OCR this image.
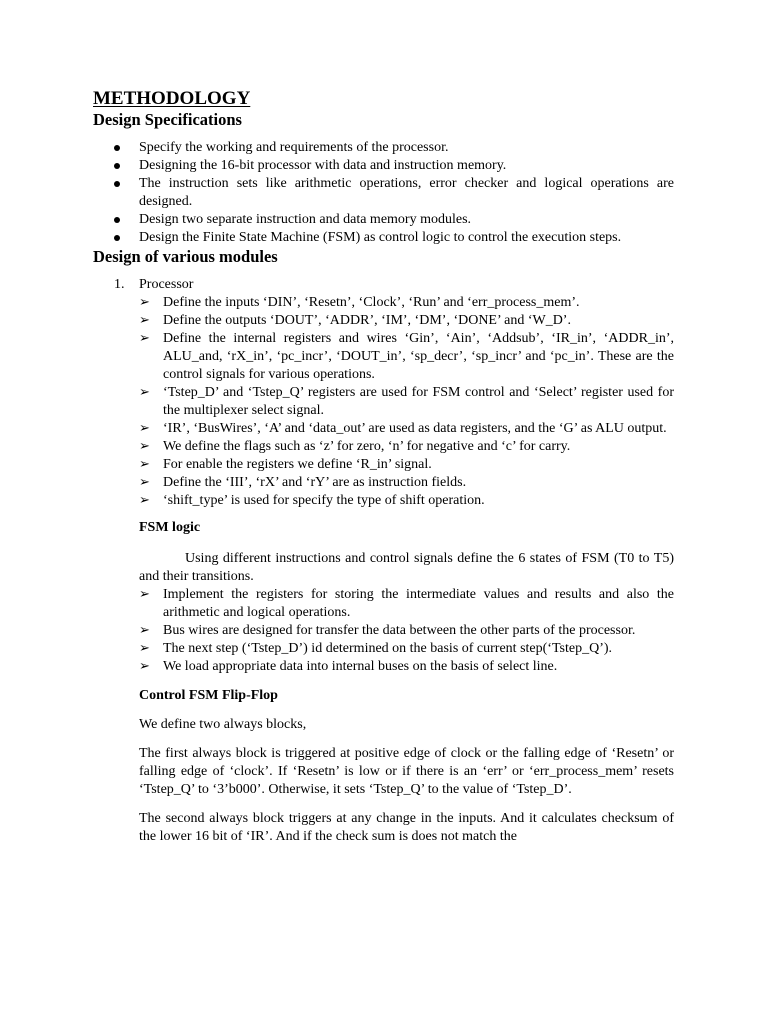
METHODOLOGY
Design Specifications
Specify the working and requirements of the processor.
Designing the 16-bit processor with data and instruction memory.
The instruction sets like arithmetic operations, error checker and logical operations are designed.
Design two separate instruction and data memory modules.
Design the Finite State Machine (FSM) as control logic to control the execution steps.
Design of various modules
1. Processor
➢ Define the inputs ‘DIN’, ‘Resetn’, ‘Clock’, ‘Run’ and ‘err_process_mem’.
➢ Define the outputs ‘DOUT’, ‘ADDR’, ‘IM’, ‘DM’, ‘DONE’ and ‘W_D’.
➢ Define the internal registers and wires ‘Gin’, ‘Ain’, ‘Addsub’, ‘IR_in’, ‘ADDR_in’, ALU_and, ‘rX_in’, ‘pc_incr’, ‘DOUT_in’, ‘sp_decr’, ‘sp_incr’ and ‘pc_in’. These are the control signals for various operations.
➢ ‘Tstep_D’ and ‘Tstep_Q’ registers are used for FSM control and ‘Select’ register used for the multiplexer select signal.
➢ ‘IR’, ‘BusWires’, ‘A’ and ‘data_out’ are used as data registers, and the ‘G’ as ALU output.
➢ We define the flags such as ‘z’ for zero, ‘n’ for negative and ‘c’ for carry.
➢ For enable the registers we define ‘R_in’ signal.
➢ Define the ‘III’, ‘rX’ and ‘rY’ are as instruction fields.
➢ ‘shift_type’ is used for specify the type of shift operation.
FSM logic

Using different instructions and control signals define the 6 states of FSM (T0 to T5) and their transitions.

➢ Implement the registers for storing the intermediate values and results and also the arithmetic and logical operations.
➢ Bus wires are designed for transfer the data between the other parts of the processor.
➢ The next step (‘Tstep_D’) id determined on the basis of current step(‘Tstep_Q’).
➢ We load appropriate data into internal buses on the basis of select line.
Control FSM Flip-Flop

We define two always blocks,

The first always block is triggered at positive edge of clock or the falling edge of ‘Resetn’ or falling edge of ‘clock’. If ‘Resetn’ is low or if there is an ‘err’ or ‘err_process_mem’ resets ‘Tstep_Q’ to ‘3’b000’. Otherwise, it sets ‘Tstep_Q’ to the value of ‘Tstep_D’.

The second always block triggers at any change in the inputs. And it calculates checksum of the lower 16 bit of ‘IR’. And if the check sum is does not match the
